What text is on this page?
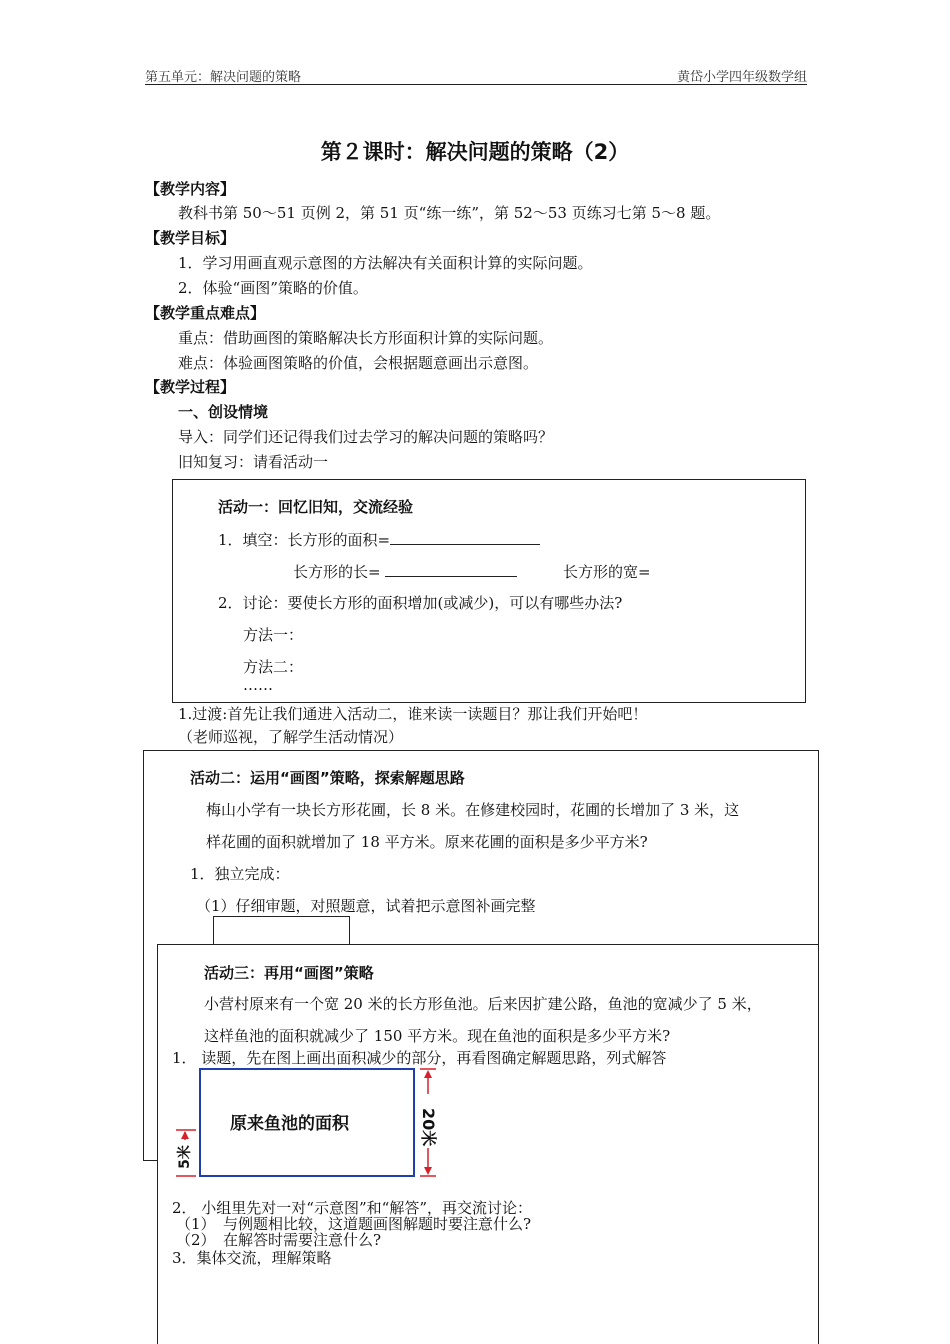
第五单元：解决问题的策略	黄岱小学四年级数学组
第２课时：解决问题的策略（2）
【教学内容】
教科书第 50～51 页例 2，第 51 页“练一练”，第 52～53 页练习七第 5～8 题。
【教学目标】
1．学习用画直观示意图的方法解决有关面积计算的实际问题。
2．体验“画图”策略的价值。
【教学重点难点】
重点：借助画图的策略解决长方形面积计算的实际问题。
难点：体验画图策略的价值，会根据题意画出示意图。
【教学过程】
一、创设情境
导入：同学们还记得我们过去学习的解决问题的策略吗？
旧知复习：请看活动一
活动一：回忆旧知，交流经验
1．填空：长方形的面积=
长方形的长=	长方形的宽=
2．讨论：要使长方形的面积增加(或减少)，可以有哪些办法?
方法一：
方法二：
……
1.过渡:首先让我们通进入活动二，谁来读一读题目？那让我们开始吧！
（老师巡视，了解学生活动情况）
活动二：运用“画图”策略，探索解题思路
梅山小学有一块长方形花圃，长 8 米。在修建校园时，花圃的长增加了 3 米，这
样花圃的面积就增加了 18 平方米。原来花圃的面积是多少平方米?
1．独立完成：
（1）仔细审题，对照题意，试着把示意图补画完整
活动三：再用“画图”策略
小营村原来有一个宽 20 米的长方形鱼池。后来因扩建公路，鱼池的宽减少了 5 米，
这样鱼池的面积就减少了 150 平方米。现在鱼池的面积是多少平方米?
1． 读题，先在图上画出面积减少的部分，再看图确定解题思路，列式解答
原来鱼池的面积	20米
5米
2． 小组里先对一对“示意图”和“解答”，再交流讨论：
（1）　与例题相比较，这道题画图解题时要注意什么?
（2）　在解答时需要注意什么?
3．集体交流，理解策略
